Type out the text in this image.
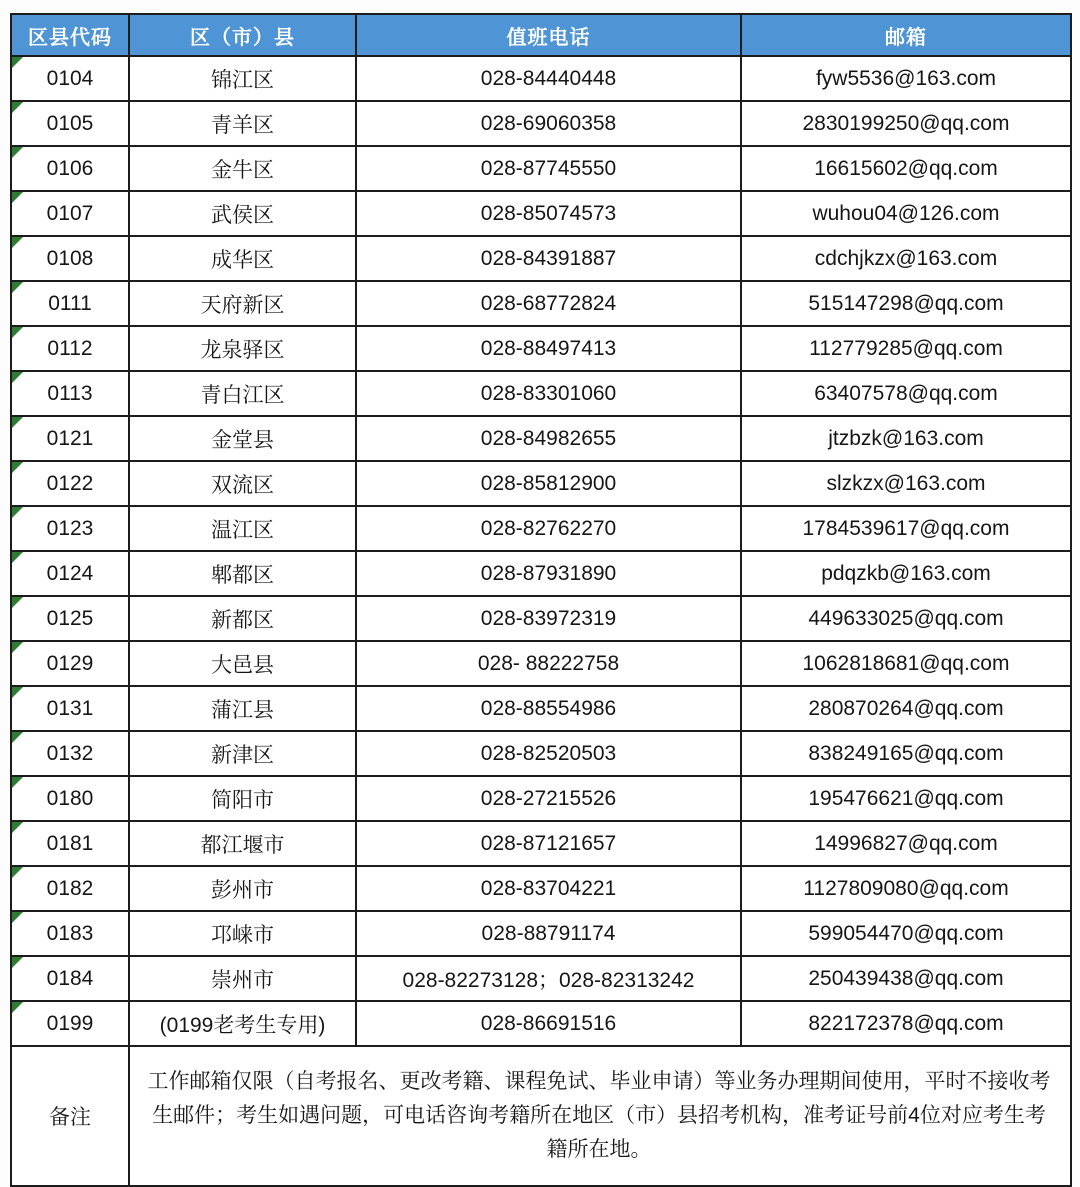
区县代码	区（市）县	值班电话	邮箱

0104	锦江区	028-84440448	fyw5536@163.com

0105	青羊区	028-69060358	2830199250@qq.com

0106	金牛区	028-87745550	16615602@qq.com

0107	武侯区	028-85074573	wuhou04@126.com

0108	成华区	028-84391887	cdchjkzx@163.com

0111	天府新区	028-68772824	515147298@qq.com

0112	龙泉驿区	028-88497413	112779285@qq.com

0113	青白江区	028-83301060	63407578@qq.com

0121	金堂县	028-84982655	jtzbzk@163.com

0122	双流区	028-85812900	slzkzx@163.com

0123	温江区	028-82762270	1784539617@qq.com

0124	郫都区	028-87931890	pdqzkb@163.com

0125	新都区	028-83972319	449633025@qq.com

0129	大邑县	028- 88222758	1062818681@qq.com

0131	蒲江县	028-88554986	280870264@qq.com

0132	新津区	028-82520503	838249165@qq.com

0180	简阳市	028-27215526	195476621@qq.com

0181	都江堰市	028-87121657	14996827@qq.com

0182	彭州市	028-83704221	1127809080@qq.com

0183	邛崃市	028-88791174	599054470@qq.com

0184	崇州市	028-82273128；028-82313242	250439438@qq.com

0199	(0199老考生专用)	028-86691516	822172378@qq.com
备注	工作邮箱仅限（自考报名、更改考籍、课程免试、毕业申请）等业务办理期间使用，平时不接收考生邮件；考生如遇问题，可电话咨询考籍所在地区（市）县招考机构，准考证号前4位对应考生考籍所在地。		
